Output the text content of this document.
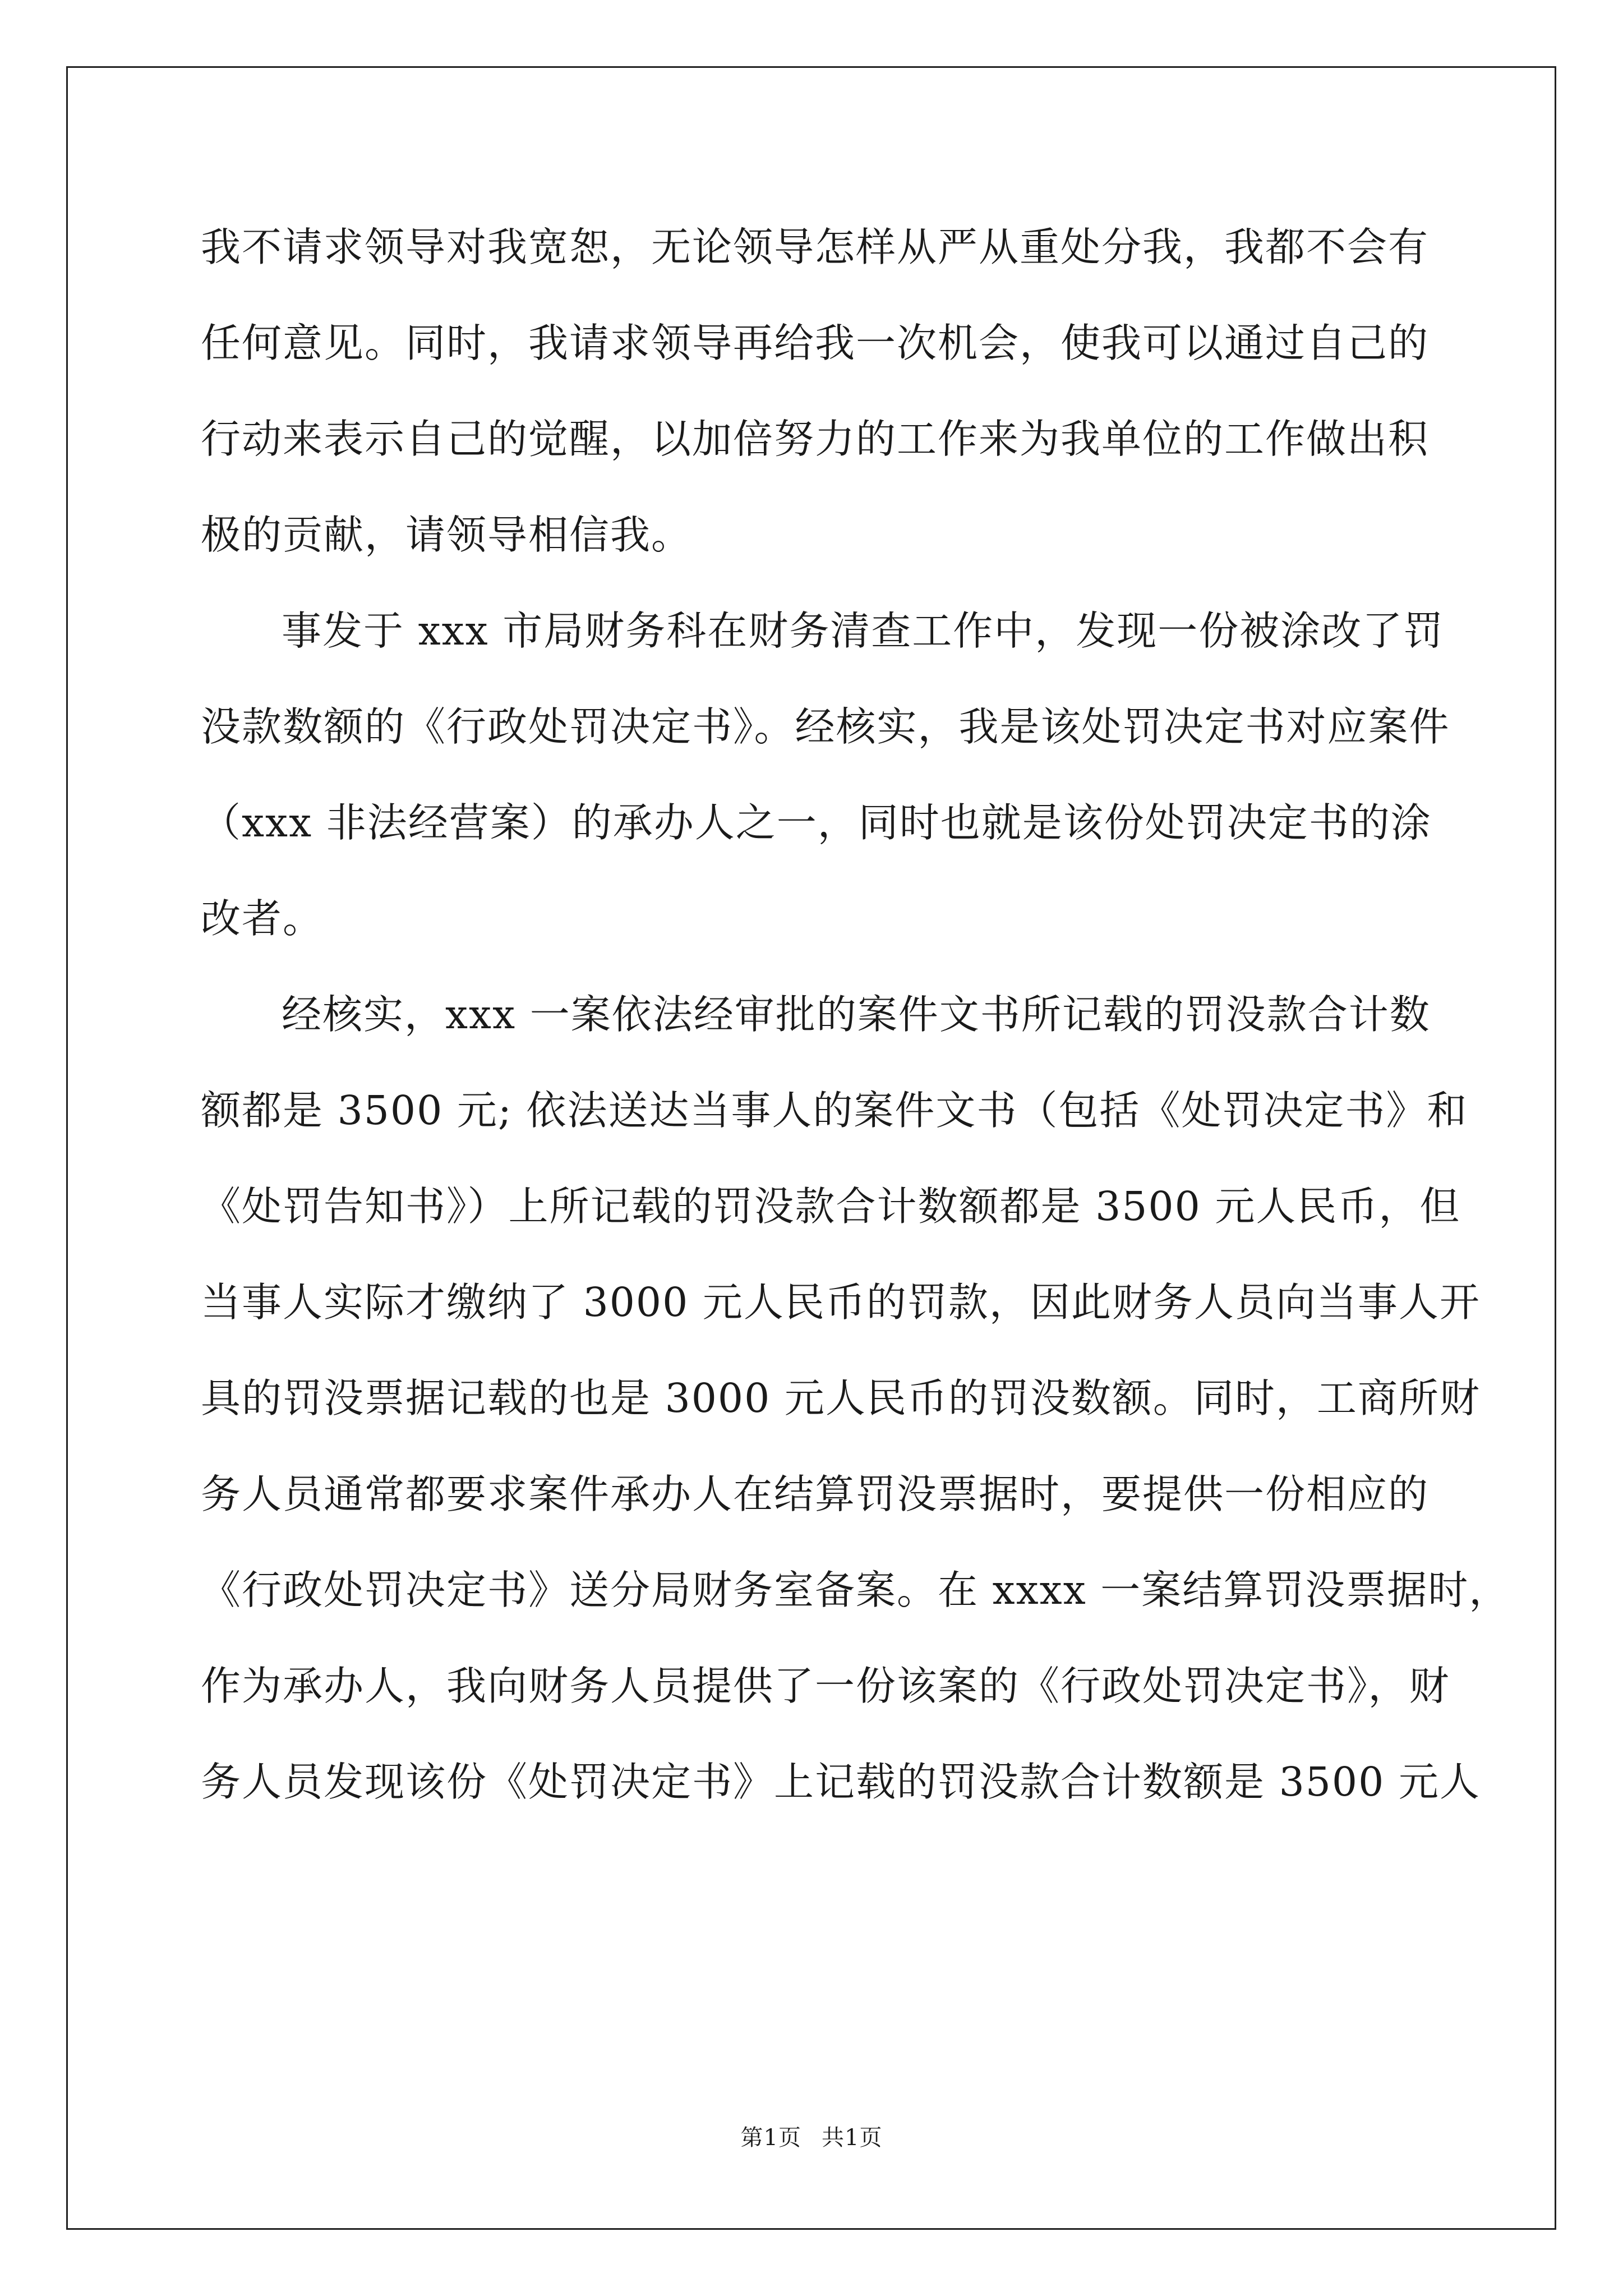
我不请求领导对我宽恕，无论领导怎样从严从重处分我，我都不会有
任何意见。同时，我请求领导再给我一次机会，使我可以通过自己的
行动来表示自己的觉醒，以加倍努力的工作来为我单位的工作做出积
极的贡献，请领导相信我。
事发于 xxx 市局财务科在财务清查工作中，发现一份被涂改了罚
没款数额的《行政处罚决定书》。经核实，我是该处罚决定书对应案件
（xxx 非法经营案）的承办人之一，同时也就是该份处罚决定书的涂
改者。
经核实，xxx 一案依法经审批的案件文书所记载的罚没款合计数
额都是 3500 元; 依法送达当事人的案件文书（包括《处罚决定书》和
《处罚告知书》）上所记载的罚没款合计数额都是 3500 元人民币，但
当事人实际才缴纳了 3000 元人民币的罚款，因此财务人员向当事人开
具的罚没票据记载的也是 3000 元人民币的罚没数额。同时，工商所财
务人员通常都要求案件承办人在结算罚没票据时，要提供一份相应的
《行政处罚决定书》送分局财务室备案。在 xxxx 一案结算罚没票据时，
作为承办人，我向财务人员提供了一份该案的《行政处罚决定书》，财
务人员发现该份《处罚决定书》上记载的罚没款合计数额是 3500 元人
第1页 共1页
